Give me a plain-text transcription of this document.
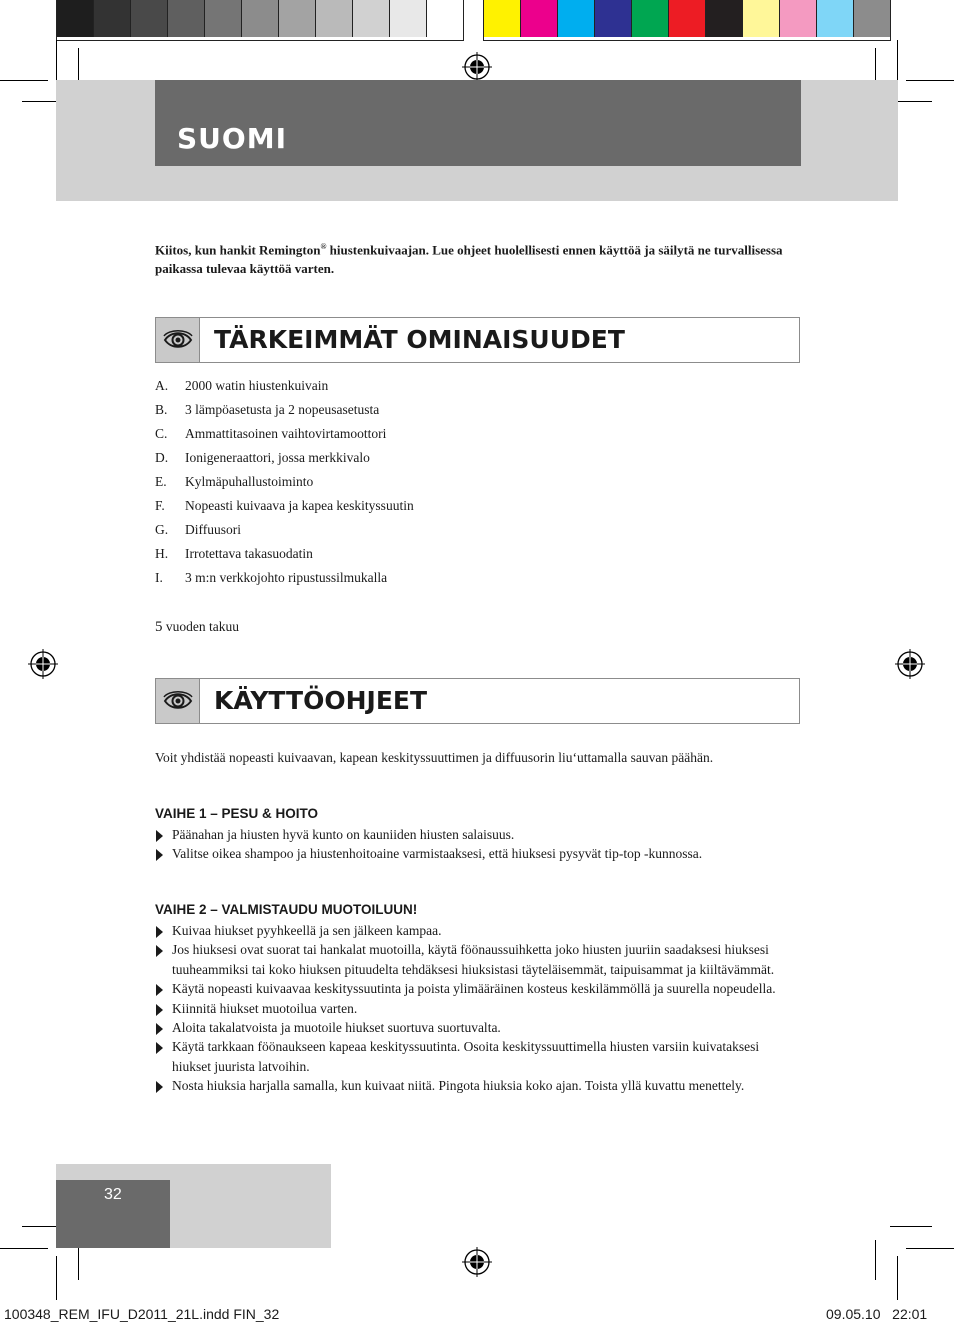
SUOMI
Kiitos, kun hankit Remington® hiustenkuivaajan. Lue ohjeet huolellisesti ennen käyttöä ja säilytä ne turvallisessa paikassa tulevaa käyttöä varten.
TÄRKEIMMÄT OMINAISUUDET
A.	2000 watin hiustenkuivain
B.	3 lämpöasetusta ja 2 nopeusasetusta
C.	Ammattitasoinen vaihtovirtamoottori
D.	Ionigeneraattori, jossa merkkivalo
E.	Kylmäpuhallustoiminto
F.	Nopeasti kuivaava ja kapea keskityssuutin
G.	Diffuusori
H.	Irrotettava takasuodatin
I.	3 m:n verkkojohto ripustussilmukalla
5 vuoden takuu
KÄYTTÖOHJEET
Voit yhdistää nopeasti kuivaavan, kapean keskityssuuttimen ja diffuusorin liu‘uttamalla sauvan päähän.
VAIHE 1 – PESU & HOITO
Päänahan ja hiusten hyvä kunto on kauniiden hiusten salaisuus.
Valitse oikea shampoo ja hiustenhoitoaine varmistaaksesi, että hiuksesi pysyvät tip-top -kunnossa.
VAIHE 2 – VALMISTAUDU MUOTOILUUN!
Kuivaa hiukset pyyhkeellä ja sen jälkeen kampaa.
Jos hiuksesi ovat suorat tai hankalat muotoilla, käytä föönaussuihketta joko hiusten juuriin saadaksesi hiuksesi tuuheammiksi tai koko hiuksen pituudelta tehdäksesi hiuksistasi täyteläisemmät, taipuisammat ja kiiltävämmät.
Käytä nopeasti kuivaavaa keskityssuutinta ja poista ylimääräinen kosteus keskilämmöllä ja suurella nopeudella.
Kiinnitä hiukset muotoilua varten.
Aloita takalatvoista ja muotoile hiukset suortuva suortuvalta.
Käytä tarkkaan föönaukseen kapeaa keskityssuutinta. Osoita keskityssuuttimella hiusten varsiin kuivataksesi hiukset juurista latvoihin.
Nosta hiuksia harjalla samalla, kun kuivaat niitä. Pingota hiuksia koko ajan. Toista yllä kuvattu menettely.
32
100348_REM_IFU_D2011_21L.indd FIN_32	09.05.10   22:01
